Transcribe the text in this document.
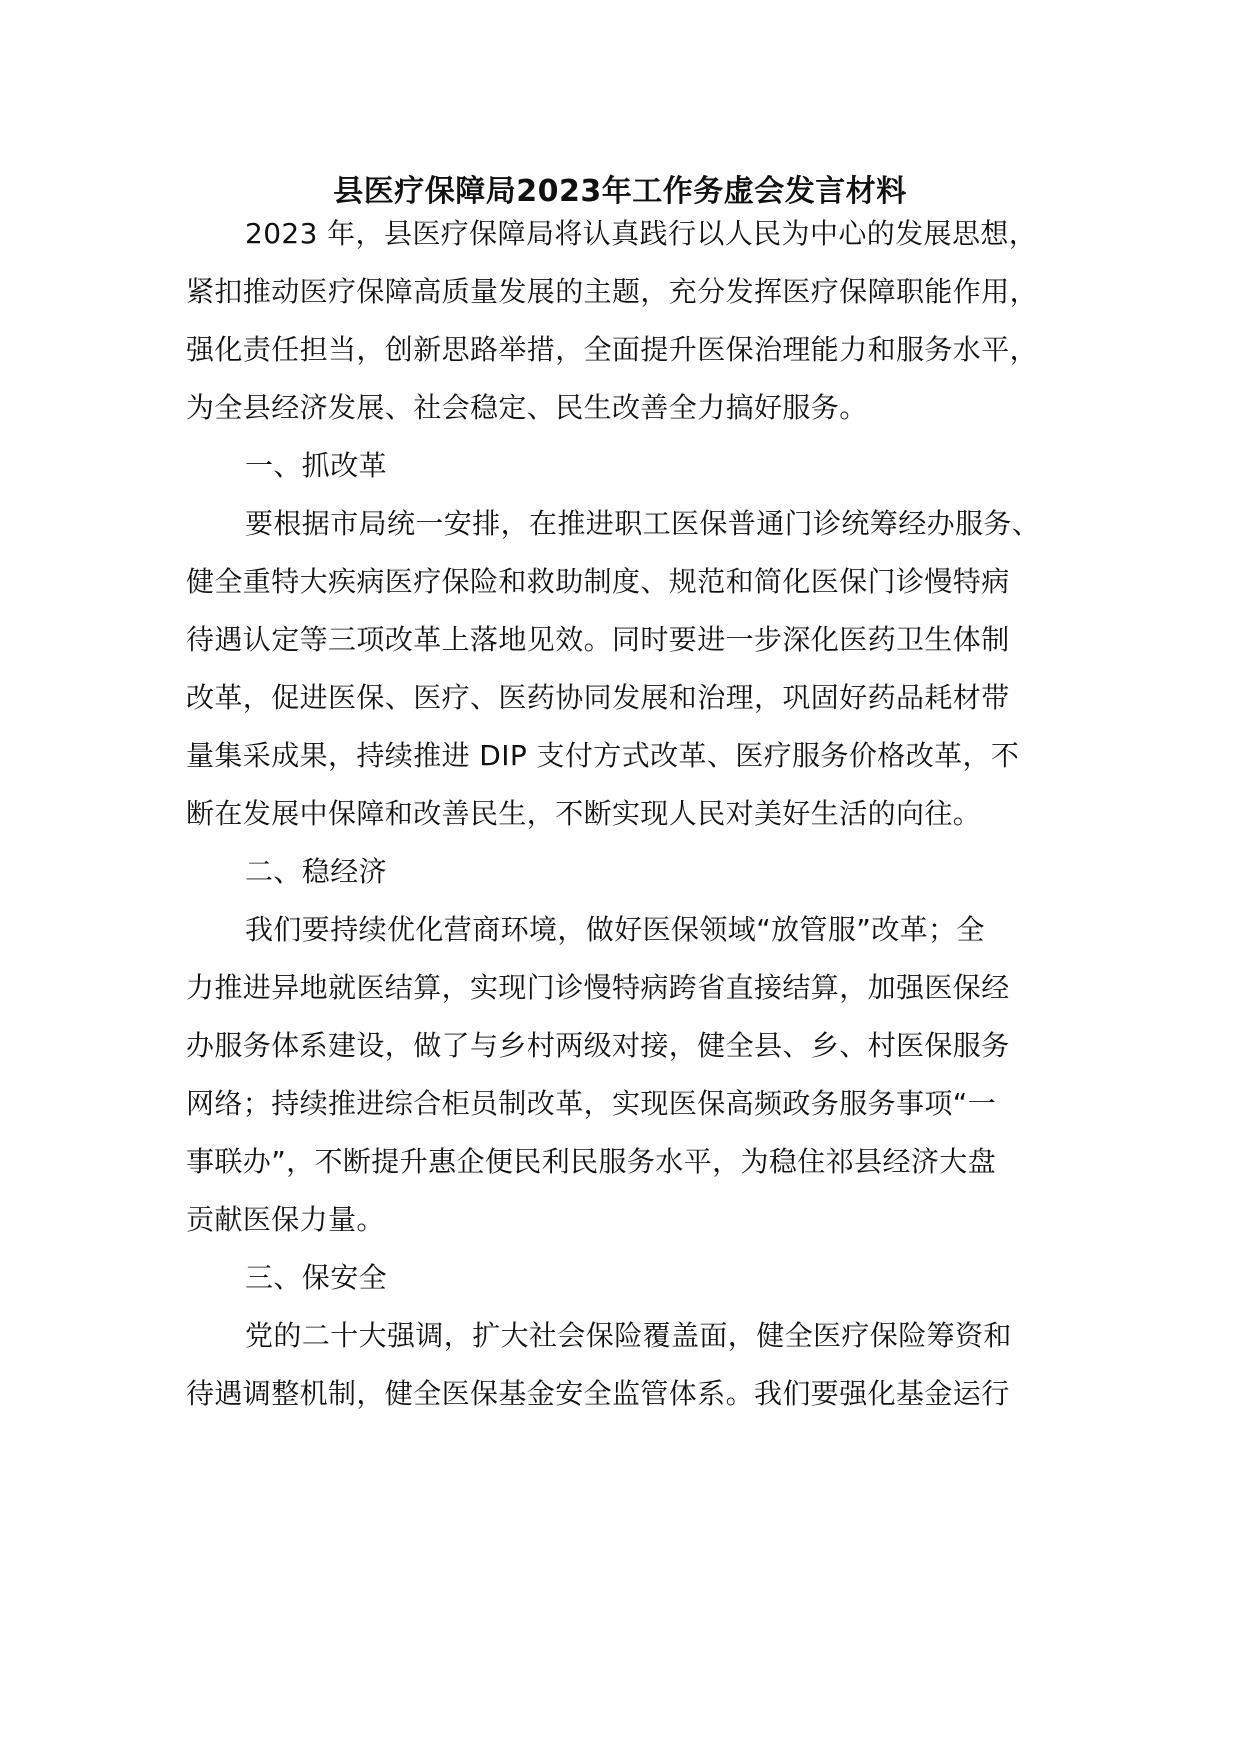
县医疗保障局2023年工作务虚会发言材料

2023 年，县医疗保障局将认真践行以人民为中心的发展思想，

紧扣推动医疗保障高质量发展的主题，充分发挥医疗保障职能作用，

强化责任担当，创新思路举措，全面提升医保治理能力和服务水平，

为全县经济发展、社会稳定、民生改善全力搞好服务。

一、抓改革

要根据市局统一安排，在推进职工医保普通门诊统筹经办服务、

健全重特大疾病医疗保险和救助制度、规范和简化医保门诊慢特病

待遇认定等三项改革上落地见效。同时要进一步深化医药卫生体制

改革，促进医保、医疗、医药协同发展和治理，巩固好药品耗材带

量集采成果，持续推进 DIP 支付方式改革、医疗服务价格改革，不

断在发展中保障和改善民生，不断实现人民对美好生活的向往。

二、稳经济

我们要持续优化营商环境，做好医保领域“放管服”改革；全

力推进异地就医结算，实现门诊慢特病跨省直接结算，加强医保经

办服务体系建设，做了与乡村两级对接，健全县、乡、村医保服务

网络；持续推进综合柜员制改革，实现医保高频政务服务事项“一

事联办”，不断提升惠企便民利民服务水平，为稳住祁县经济大盘

贡献医保力量。

三、保安全

党的二十大强调，扩大社会保险覆盖面，健全医疗保险筹资和

待遇调整机制，健全医保基金安全监管体系。我们要强化基金运行
